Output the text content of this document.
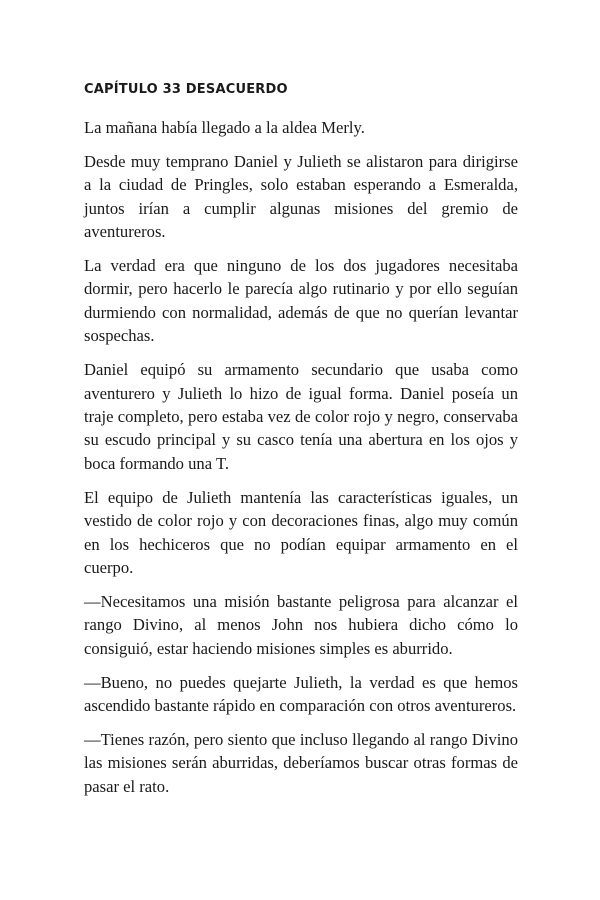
CAPÍTULO 33 DESACUERDO

La mañana había llegado a la aldea Merly.

Desde muy temprano Daniel y Julieth se alistaron para dirigirse a la ciudad de Pringles, solo estaban esperando a Esmeralda, juntos irían a cumplir algunas misiones del gremio de aventureros.

La verdad era que ninguno de los dos jugadores necesitaba dormir, pero hacerlo le parecía algo rutinario y por ello seguían durmiendo con normalidad, además de que no querían levantar sospechas.

Daniel equipó su armamento secundario que usaba como aventurero y Julieth lo hizo de igual forma. Daniel poseía un traje completo, pero estaba vez de color rojo y negro, conservaba su escudo principal y su casco tenía una abertura en los ojos y boca formando una T.

El equipo de Julieth mantenía las características iguales, un vestido de color rojo y con decoraciones finas, algo muy común en los hechiceros que no podían equipar armamento en el cuerpo.

—Necesitamos una misión bastante peligrosa para alcanzar el rango Divino, al menos John nos hubiera dicho cómo lo consiguió, estar haciendo misiones simples es aburrido.

—Bueno, no puedes quejarte Julieth, la verdad es que hemos ascendido bastante rápido en comparación con otros aventureros.

—Tienes razón, pero siento que incluso llegando al rango Divino las misiones serán aburridas, deberíamos buscar otras formas de pasar el rato.
